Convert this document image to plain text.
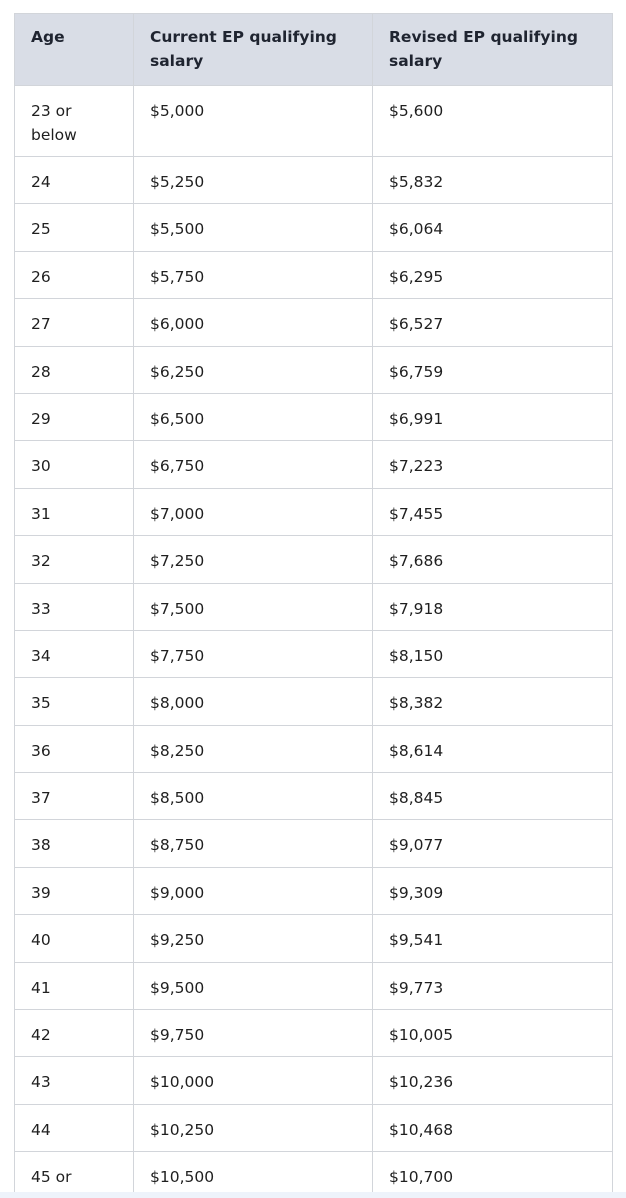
Age	Current EP qualifying salary	Revised EP qualifying salary
23 or below	$5,000	$5,600
24	$5,250	$5,832
25	$5,500	$6,064
26	$5,750	$6,295
27	$6,000	$6,527
28	$6,250	$6,759
29	$6,500	$6,991
30	$6,750	$7,223
31	$7,000	$7,455
32	$7,250	$7,686
33	$7,500	$7,918
34	$7,750	$8,150
35	$8,000	$8,382
36	$8,250	$8,614
37	$8,500	$8,845
38	$8,750	$9,077
39	$9,000	$9,309
40	$9,250	$9,541
41	$9,500	$9,773
42	$9,750	$10,005
43	$10,000	$10,236
44	$10,250	$10,468
45 or	$10,500	$10,700
